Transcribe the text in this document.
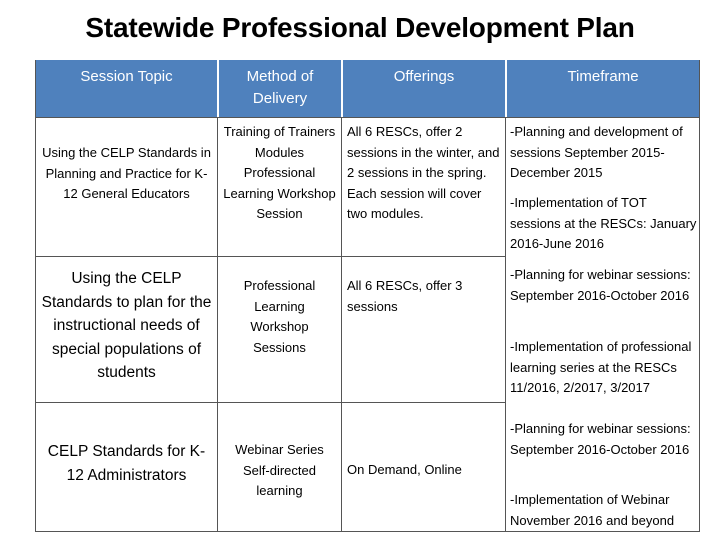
Statewide Professional Development Plan
Session Topic	Method of Delivery
Offerings	Timeframe
Using the CELP Standards in Planning and Practice for K-12 General Educators
Training of Trainers Modules Professional Learning Workshop Session
All 6 RESCs, offer 2 sessions in the winter, and 2 sessions in the spring. Each session will cover two modules.
-Planning and development of sessions September 2015-December 2015
-Implementation of TOT sessions at the RESCs: January 2016-June 2016
Using the CELP Standards to plan for the instructional needs of special populations of students
Professional Learning Workshop Sessions
All 6 RESCs, offer 3 sessions
-Planning for webinar sessions: September 2016-October 2016
-Implementation of professional learning series at the RESCs 11/2016, 2/2017, 3/2017
CELP Standards for K-12 Administrators
Webinar Series Self-directed learning
On Demand, Online
-Planning for webinar sessions: September 2016-October 2016
-Implementation of Webinar November 2016 and beyond
